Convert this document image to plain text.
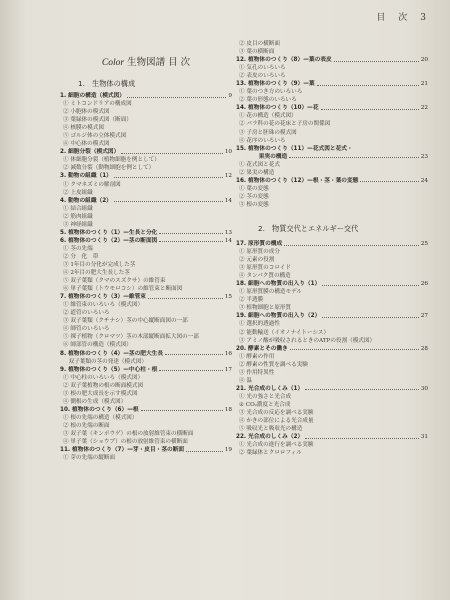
目　次　3
Color 生物図譜 目 次
1.　生物体の構成
1. 細胞の構造（模式図）	9
① ミトコンドリアの構成図
② 小胞体の模式図
③ 葉緑体の模式図（断面）
④ 核膜の模式図
⑤ ゴルジ体の立体模式図
⑥ 中心体の模式図
2. 細胞分裂（模式図）	10
① 体細胞分裂（植物細胞を例として）
② 減数分裂（動物細胞を例として）
3. 動物の組織（1）	12
① クマネズミの解剖図
② 上皮組織
4. 動物の組織（2）	14
① 結合組織
② 筋肉組織
③ 神経組織
5. 植物体のつくり（1）—生長と分化	13
6. 植物体のつくり（2）—茎の断面図	14
① 茎の先端
② 分　化　帯
③ 1年目の分化が完成した茎
④ 2年目の肥大生長した茎
⑤ 双子葉類（クマのスズクサ）の維管束
⑥ 単子葉類（トウモロコシ）の維管束と断面図
7. 植物体のつくり（3）—維管束	15
① 維管束のいろいろ（模式図）
② 道管のいろいろ
③ 双子葉類（クチナシ）茎の中心縦断面図の一部
④ 師管のいろいろ
⑤ 裸子植物（クロマツ）茎の木部縦断面拡大図の一部
⑥ 師部管の構造（模式図）
8. 植物体のつくり（4）—茎の肥大生長	16
　双子葉類の茎の発達（模式図）
9. 植物体のつくり（5）—中心柱・根	17
① 中心柱のいろいろ（模式図）
② 双子葉植物の根の断面模式図
③ 根の肥大成長を示す模式図
④ 側根の生成（模式図）
10. 植物体のつくり（6）—根	18
① 根の先端の構造（模式図）
② 根の先端の断面
③ 双子葉（キンポウゲ）の根の放射維管束の横断面
④ 単子葉（ショウブ）の根の放射維管束の横断面
11. 植物体のつくり（7）—芽・皮目・茎の断面	19
① 芽の先端の縦断面
② 皮目の横断面
③ 葉の横断面
12. 植物体のつくり（8）—葉の表皮	20
① 気孔のいろいろ
② 表皮のいろいろ
13. 植物体のつくり（9）—葉	21
① 葉のつき方のいろいろ
② 葉の形態のいろいろ
14. 植物体のつくり（10）—花	22
① 花の構造（模式図）
② バラ科の花の花床と子房の関係図
③ 子房と胚珠の模式図
④ 花序のいろいろ
15. 植物体のつくり（11）—花式図と花式・
　　　　果実の構造	23
① 花式図と花式
② 果実の構造
16. 植物体のつくり（12）—根・茎・葉の変態	24
① 葉の変態
② 茎の変態
③ 根の変態
2.　物質交代とエネルギー交代
17. 原形質の構成	25
① 原形質の成分
② 元素の役割
③ 原形質のコロイド
④ タンパク質の構造
18. 細胞への物質の出入り（1）	26
① 原形質膜の構造モデル
② 半透膜
③ 植物細胞と原形質
19. 細胞への物質の出入り（2）	27
① 選択的透過性
② 能動輸送（イオノナイトーシス）
③ アミノ酸が吸収されるときのATPの役割（模式図）
20. 酵素とその働き	28
① 酵素の作用
② 酵素の性質を調べる実験
③ 作用特異性
④ 温
21. 光合成のしくみ（1）	30
① 光の強さと光合成
② CO₂濃度と光合成
③ 光合成の反応を調べる実験
④ かきの部位による光合成量
⑤ 吸収光と吸収光の構造
22. 光合成のしくみ（2）	31
① 光合成の進行を調べる実験
② 葉緑体とクロロフィル
